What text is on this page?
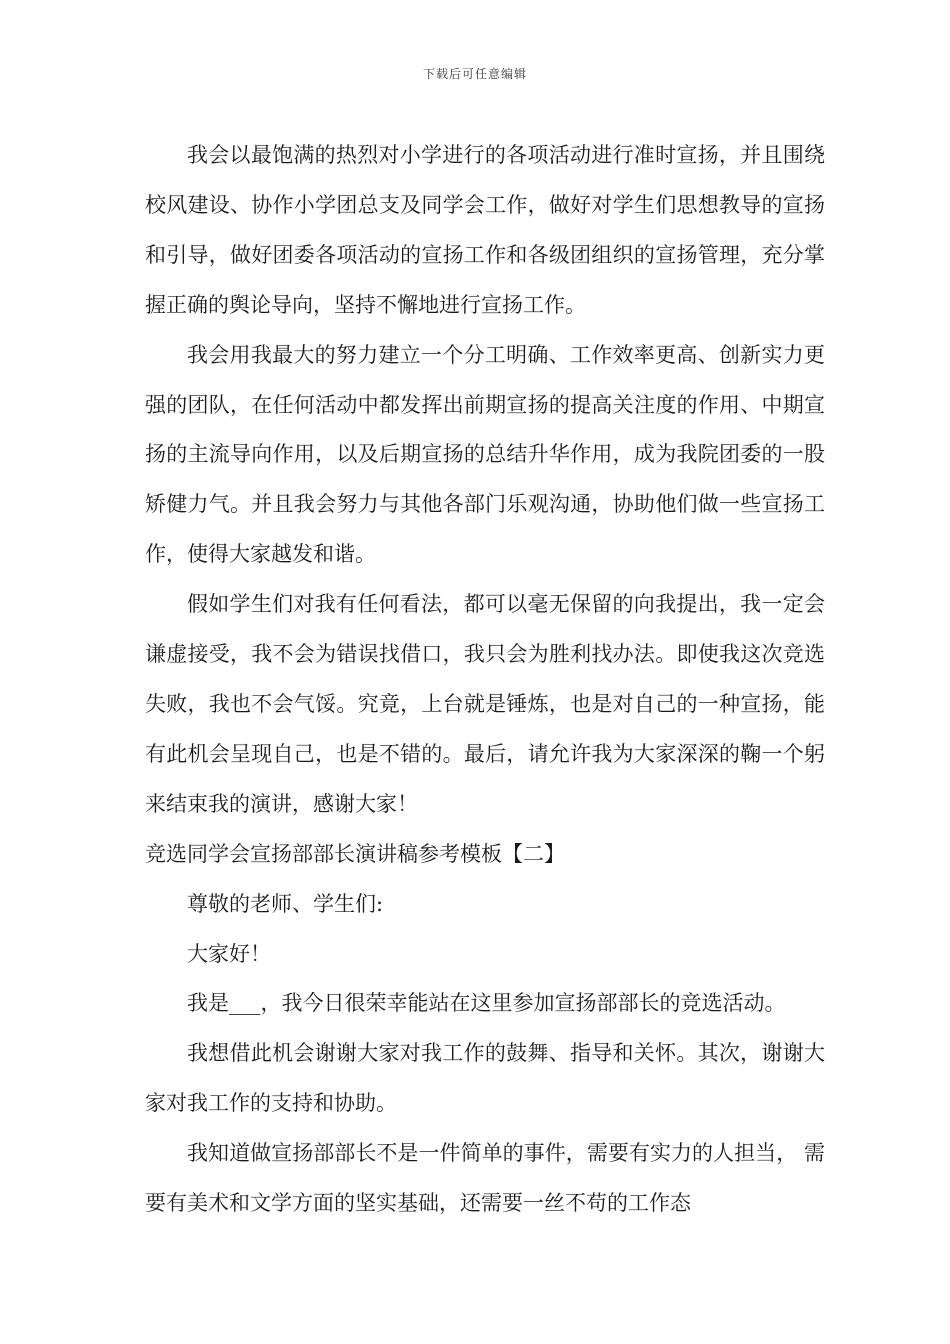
下载后可任意编辑

我会以最饱满的热烈对小学进行的各项活动进行准时宣扬，并且围绕校风建设、协作小学团总支及同学会工作，做好对学生们思想教导的宣扬和引导，做好团委各项活动的宣扬工作和各级团组织的宣扬管理，充分掌握正确的舆论导向，坚持不懈地进行宣扬工作。

我会用我最大的努力建立一个分工明确、工作效率更高、创新实力更强的团队，在任何活动中都发挥出前期宣扬的提高关注度的作用、中期宣扬的主流导向作用，以及后期宣扬的总结升华作用，成为我院团委的一股矫健力气。并且我会努力与其他各部门乐观沟通，协助他们做一些宣扬工作，使得大家越发和谐。

假如学生们对我有任何看法，都可以毫无保留的向我提出，我一定会谦虚接受，我不会为错误找借口，我只会为胜利找办法。即使我这次竞选失败，我也不会气馁。究竟，上台就是锤炼，也是对自己的一种宣扬，能有此机会呈现自己，也是不错的。最后，请允许我为大家深深的鞠一个躬来结束我的演讲，感谢大家！

竞选同学会宣扬部部长演讲稿参考模板【二】

尊敬的老师、学生们:

大家好！

我是___，我今日很荣幸能站在这里参加宣扬部部长的竞选活动。

我想借此机会谢谢大家对我工作的鼓舞、指导和关怀。其次，谢谢大家对我工作的支持和协助。

我知道做宣扬部部长不是一件简单的事件，需要有实力的人担当， 需要有美术和文学方面的坚实基础，还需要一丝不苟的工作态
